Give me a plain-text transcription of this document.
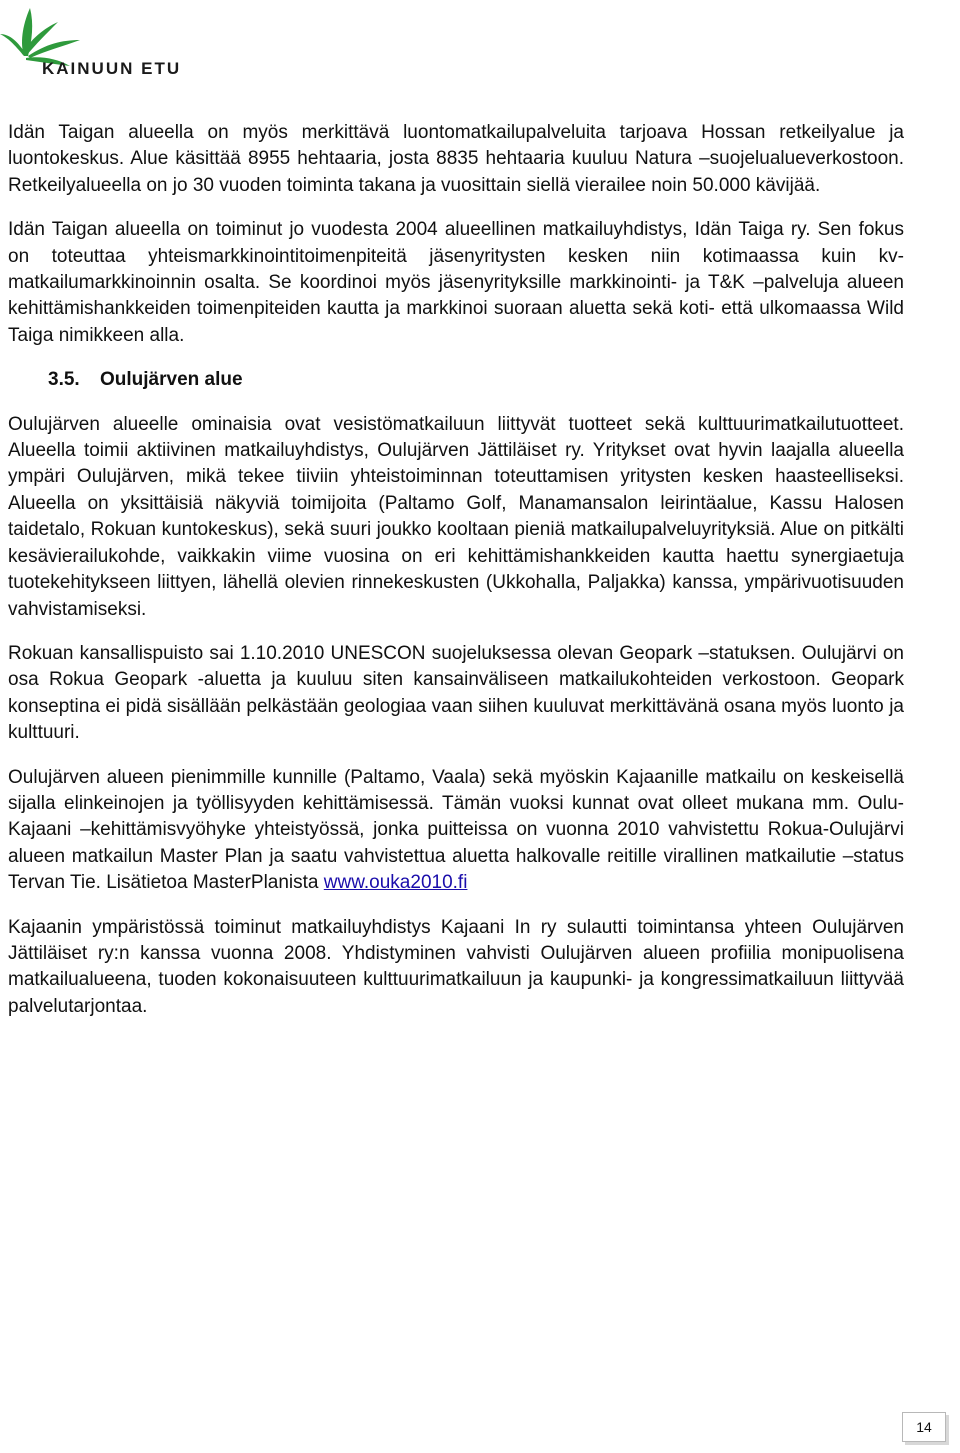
KAINUUN ETU

Idän Taigan alueella on myös merkittävä luontomatkailupalveluita tarjoava Hossan retkeilyalue ja luontokeskus. Alue käsittää 8955 hehtaaria, josta 8835 hehtaaria kuuluu Natura –suojelualueverkostoon. Retkeilyalueella on jo 30 vuoden toiminta takana ja vuosittain siellä vierailee noin 50.000 kävijää.

Idän Taigan alueella on toiminut jo vuodesta 2004 alueellinen matkailuyhdistys, Idän Taiga ry. Sen fokus on toteuttaa yhteismarkkinointitoimenpiteitä jäsenyritysten kesken niin kotimaassa kuin kv-matkailumarkkinoinnin osalta. Se koordinoi myös jäsenyrityksille markkinointi- ja T&K –palveluja alueen kehittämishankkeiden toimenpiteiden kautta ja markkinoi suoraan aluetta sekä koti- että ulkomaassa Wild Taiga nimikkeen alla.

3.5. Oulujärven alue

Oulujärven alueelle ominaisia ovat vesistömatkailuun liittyvät tuotteet sekä kulttuurimatkailutuotteet. Alueella toimii aktiivinen matkailuyhdistys, Oulujärven Jättiläiset ry. Yritykset ovat hyvin laajalla alueella ympäri Oulujärven, mikä tekee tiiviin yhteistoiminnan toteuttamisen yritysten kesken haasteelliseksi. Alueella on yksittäisiä näkyviä toimijoita (Paltamo Golf, Manamansalon leirintäalue, Kassu Halosen taidetalo, Rokuan kuntokeskus), sekä suuri joukko kooltaan pieniä matkailupalveluyrityksiä. Alue on pitkälti kesävierailukohde, vaikkakin viime vuosina on eri kehittämishankkeiden kautta haettu synergiaetuja tuotekehitykseen liittyen, lähellä olevien rinnekeskusten (Ukkohalla, Paljakka) kanssa, ympärivuotisuuden vahvistamiseksi.

Rokuan kansallispuisto sai 1.10.2010 UNESCON suojeluksessa olevan Geopark –statuksen. Oulujärvi on osa Rokua Geopark -aluetta ja kuuluu siten kansainväliseen matkailukohteiden verkostoon. Geopark konseptina ei pidä sisällään pelkästään geologiaa vaan siihen kuuluvat merkittävänä osana myös luonto ja kulttuuri.

Oulujärven alueen pienimmille kunnille (Paltamo, Vaala) sekä myöskin Kajaanille matkailu on keskeisellä sijalla elinkeinojen ja työllisyyden kehittämisessä. Tämän vuoksi kunnat ovat olleet mukana mm. Oulu-Kajaani –kehittämisvyöhyke yhteistyössä, jonka puitteissa on vuonna 2010 vahvistettu Rokua-Oulujärvi alueen matkailun Master Plan ja saatu vahvistettua aluetta halkovalle reitille virallinen matkailutie –status Tervan Tie. Lisätietoa MasterPlanista www.ouka2010.fi

Kajaanin ympäristössä toiminut matkailuyhdistys Kajaani In ry sulautti toimintansa yhteen Oulujärven Jättiläiset ry:n kanssa vuonna 2008. Yhdistyminen vahvisti Oulujärven alueen profiilia monipuolisena matkailualueena, tuoden kokonaisuuteen kulttuurimatkailuun ja kaupunki- ja kongressimatkailuun liittyvää palvelutarjontaa.

14
